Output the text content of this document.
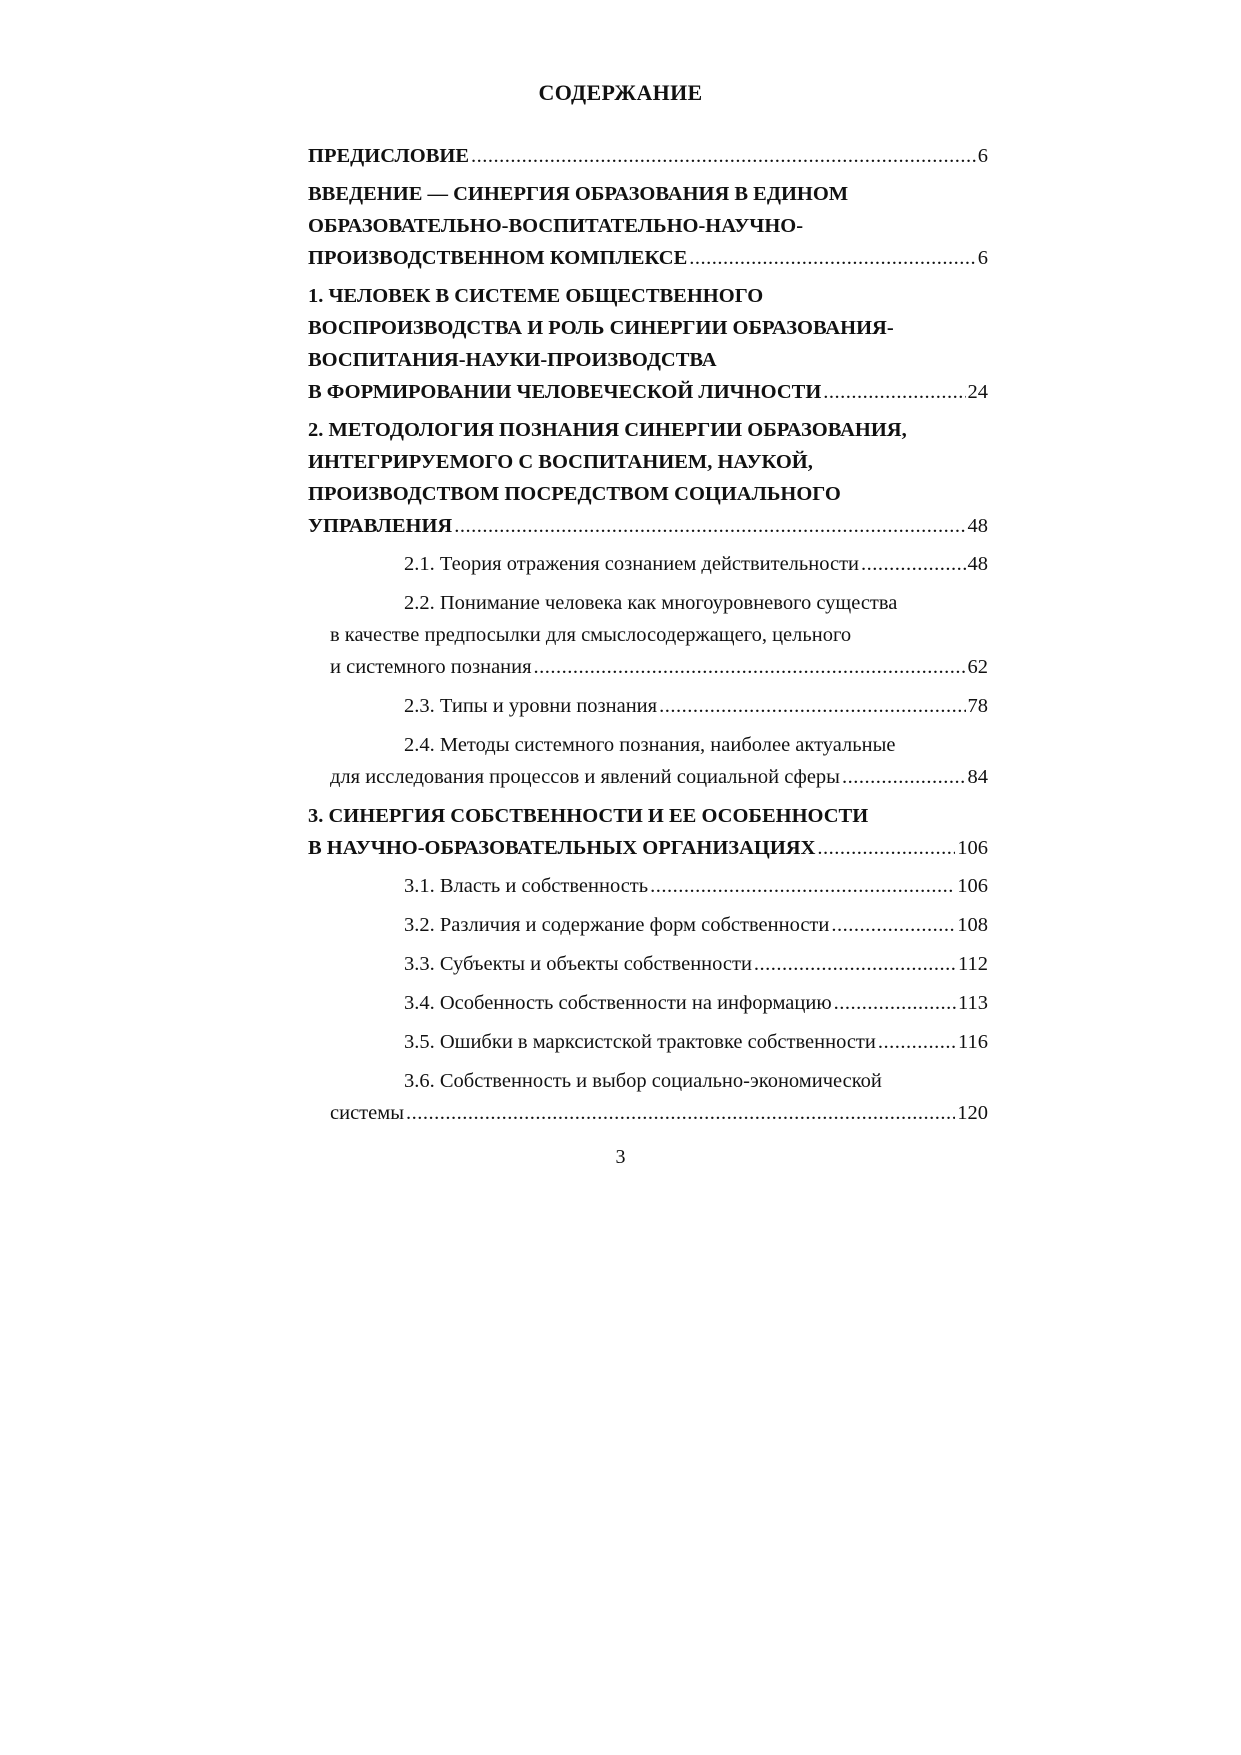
СОДЕРЖАНИЕ
ПРЕДИСЛОВИЕ .....	6
ВВЕДЕНИЕ — СИНЕРГИЯ ОБРАЗОВАНИЯ В ЕДИНОМ
ОБРАЗОВАТЕЛЬНО-ВОСПИТАТЕЛЬНО-НАУЧНО-
ПРОИЗВОДСТВЕННОМ КОМПЛЕКСЕ .....	6
1. ЧЕЛОВЕК В СИСТЕМЕ ОБЩЕСТВЕННОГО
ВОСПРОИЗВОДСТВА И РОЛЬ СИНЕРГИИ ОБРАЗОВАНИЯ-
ВОСПИТАНИЯ-НАУКИ-ПРОИЗВОДСТВА
В ФОРМИРОВАНИИ ЧЕЛОВЕЧЕСКОЙ ЛИЧНОСТИ .....	24
2. МЕТОДОЛОГИЯ ПОЗНАНИЯ СИНЕРГИИ ОБРАЗОВАНИЯ,
ИНТЕГРИРУЕМОГО С ВОСПИТАНИЕМ, НАУКОЙ,
ПРОИЗВОДСТВОМ ПОСРЕДСТВОМ СОЦИАЛЬНОГО
УПРАВЛЕНИЯ .....	48
2.1. Теория отражения сознанием действительности .....	48
2.2. Понимание человека как многоуровневого существа
в качестве предпосылки для смыслосодержащего, цельного
и системного познания .....	62
2.3. Типы и уровни познания .....	78
2.4. Методы системного познания, наиболее актуальные
для исследования процессов и явлений социальной сферы .....	84
3. СИНЕРГИЯ СОБСТВЕННОСТИ И ЕЕ ОСОБЕННОСТИ
В НАУЧНО-ОБРАЗОВАТЕЛЬНЫХ ОРГАНИЗАЦИЯХ .....	106
3.1. Власть и собственность .....	106
3.2. Различия и содержание форм собственности .....	108
3.3. Субъекты и объекты собственности .....	112
3.4. Особенность собственности на информацию .....	113
3.5. Ошибки в марксистской трактовке собственности .....	116
3.6. Собственность и выбор социально-экономической
системы .....	120
3
